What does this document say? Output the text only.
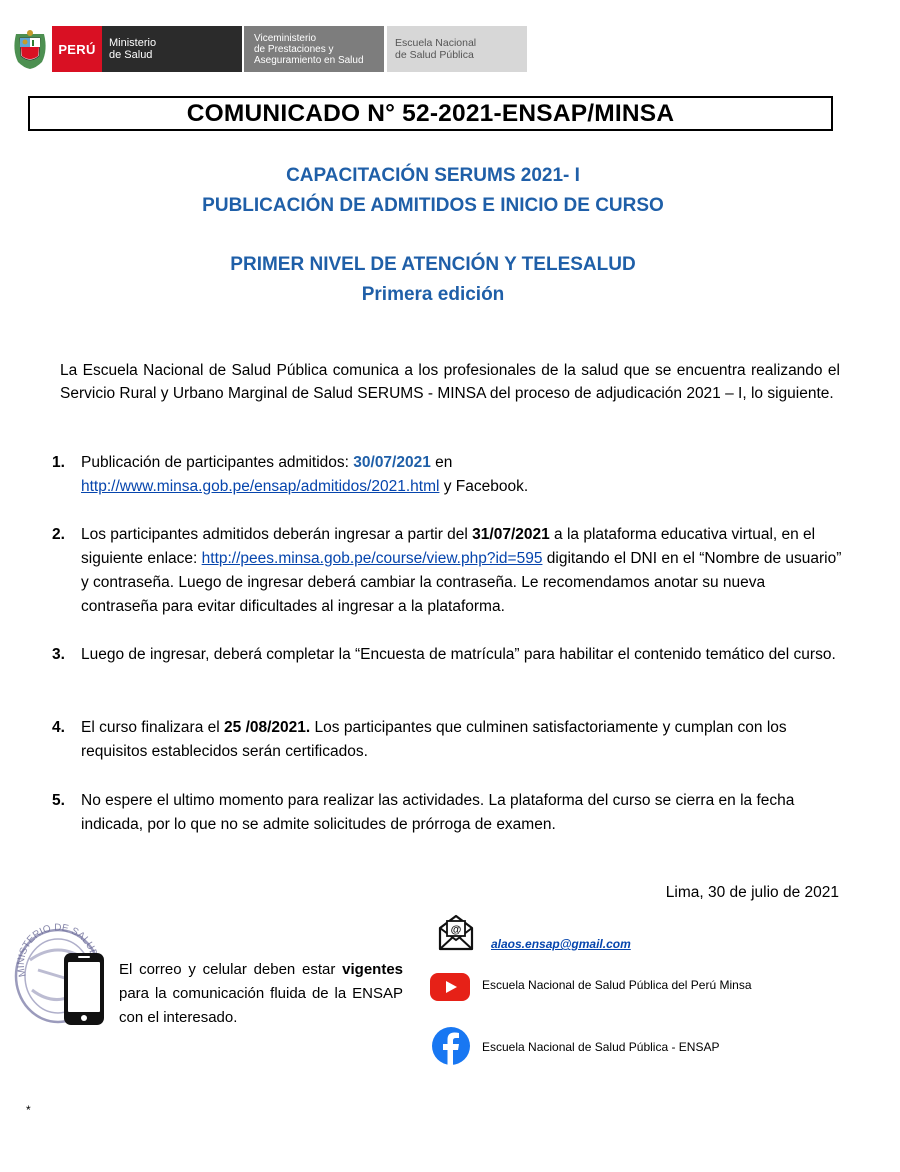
PERÚ	Ministerio
de Salud
Viceministerio
de Prestaciones y
Aseguramiento en Salud
Escuela Nacional
de Salud Pública
COMUNICADO N° 52-2021-ENSAP/MINSA
CAPACITACIÓN SERUMS 2021- I
PUBLICACIÓN DE ADMITIDOS E INICIO DE CURSO
PRIMER NIVEL DE ATENCIÓN Y TELESALUD
Primera edición
La Escuela Nacional de Salud Pública comunica a los profesionales de la salud que se encuentra realizando el Servicio Rural y Urbano Marginal de Salud SERUMS - MINSA del proceso de adjudicación 2021 – I, lo siguiente.
1.	Publicación de participantes admitidos: 30/07/2021 en
http://www.minsa.gob.pe/ensap/admitidos/2021.html y Facebook.
2.	Los participantes admitidos deberán ingresar a partir del 31/07/2021 a la plataforma educativa virtual, en el siguiente enlace: http://pees.minsa.gob.pe/course/view.php?id=595 digitando el DNI en el “Nombre de usuario” y contraseña. Luego de ingresar deberá cambiar la contraseña. Le recomendamos anotar su nueva contraseña para evitar dificultades al ingresar a la plataforma.
3.	Luego de ingresar, deberá completar la “Encuesta de matrícula” para habilitar el contenido temático del curso.
4.	El curso finalizara el 25 /08/2021. Los participantes que culminen satisfactoriamente y cumplan con los requisitos establecidos serán certificados.
5.	No espere el ultimo momento para realizar las actividades. La plataforma del curso se cierra en la fecha indicada, por lo que no se admite solicitudes de prórroga de examen.
Lima, 30 de julio de 2021
MINISTERIO DE SALU
El correo y celular deben estar vigentes para la comunicación fluida de la ENSAP con el interesado.
@
alaos.ensap@gmail.com
Escuela Nacional de Salud Pública del Perú Minsa
Escuela Nacional de Salud Pública - ENSAP
*
